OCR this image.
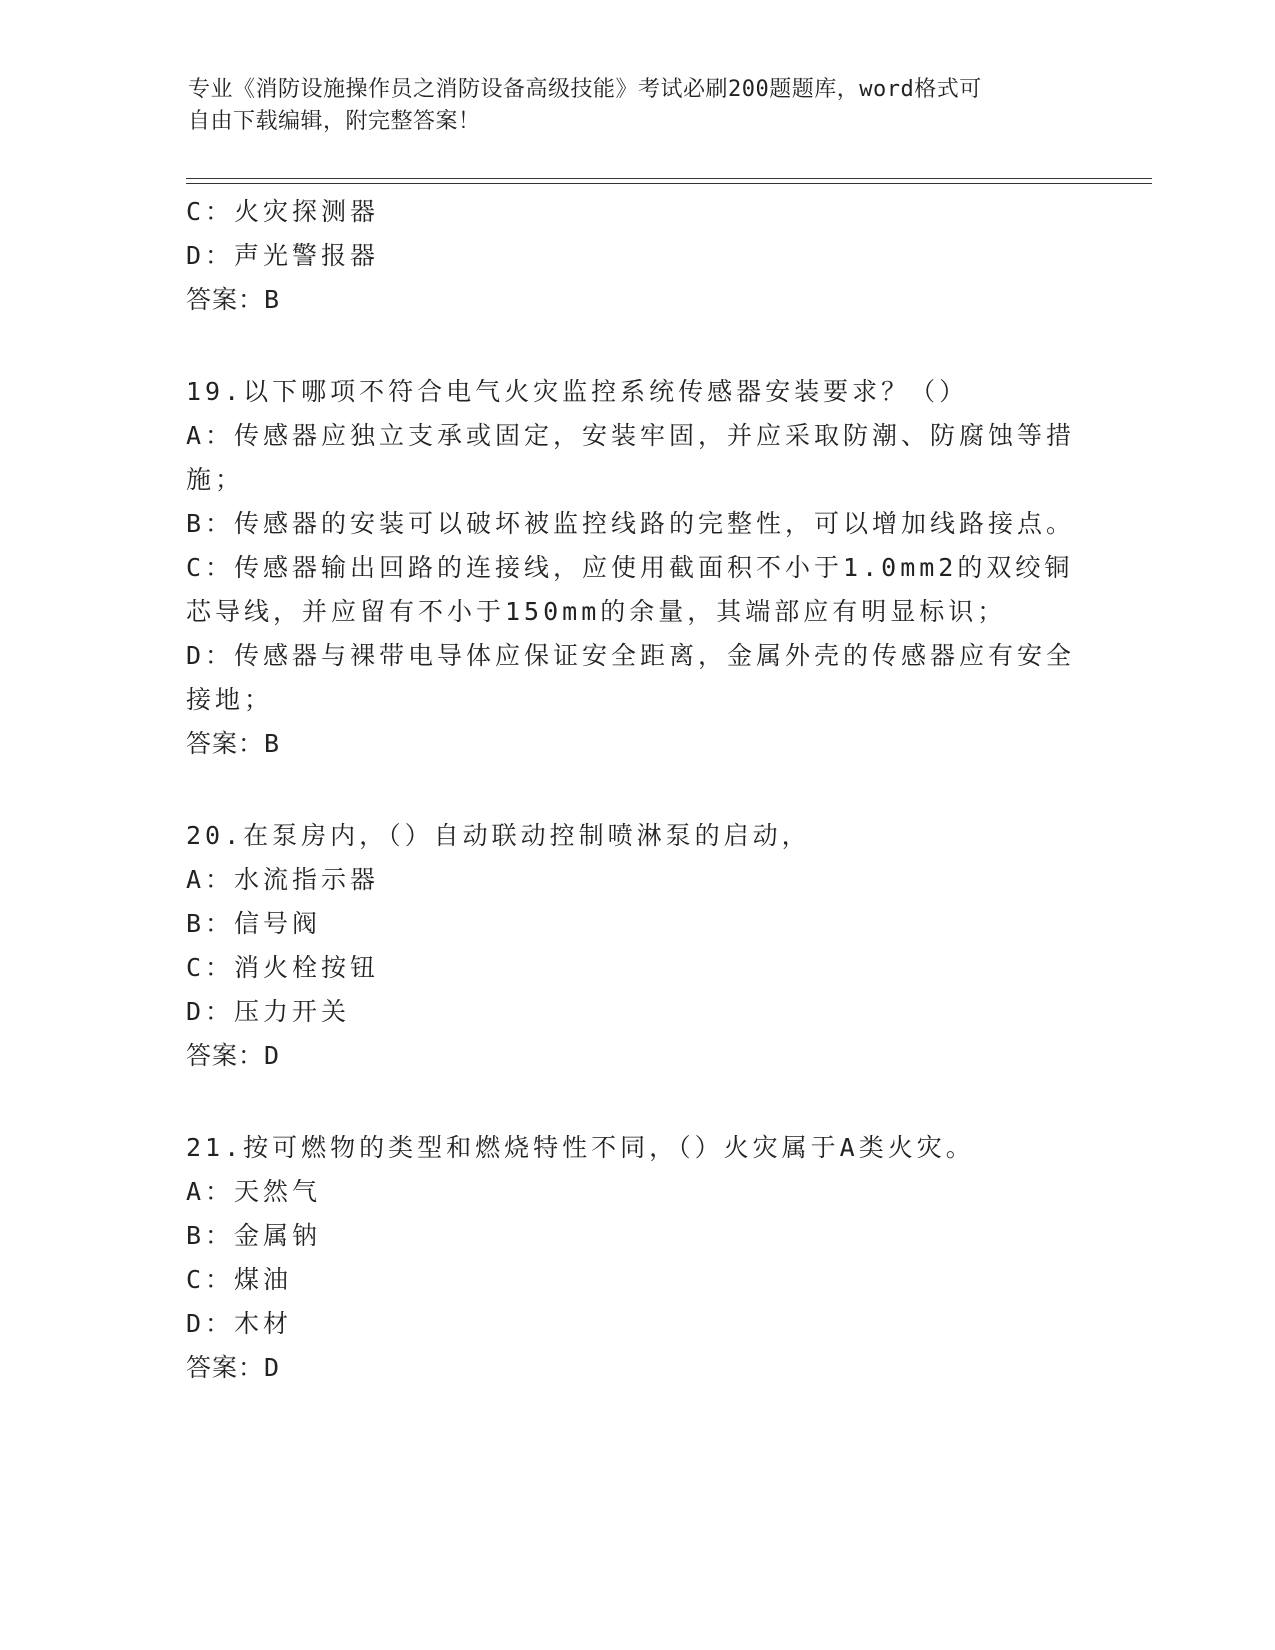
专业《消防设施操作员之消防设备高级技能》考试必刷200题题库，word格式可
自由下载编辑，附完整答案！
C：火灾探测器
D：声光警报器
答案：B
19.以下哪项不符合电气火灾监控系统传感器安装要求？（）
A：传感器应独立支承或固定，安装牢固，并应采取防潮、防腐蚀等措
施；
B：传感器的安装可以破坏被监控线路的完整性，可以增加线路接点。
C：传感器输出回路的连接线，应使用截面积不小于1.0mm2的双绞铜
芯导线，并应留有不小于150mm的余量，其端部应有明显标识；
D：传感器与裸带电导体应保证安全距离，金属外壳的传感器应有安全
接地；
答案：B
20.在泵房内，（）自动联动控制喷淋泵的启动，
A：水流指示器
B：信号阀
C：消火栓按钮
D：压力开关
答案：D
21.按可燃物的类型和燃烧特性不同，（）火灾属于A类火灾。
A：天然气
B：金属钠
C：煤油
D：木材
答案：D
